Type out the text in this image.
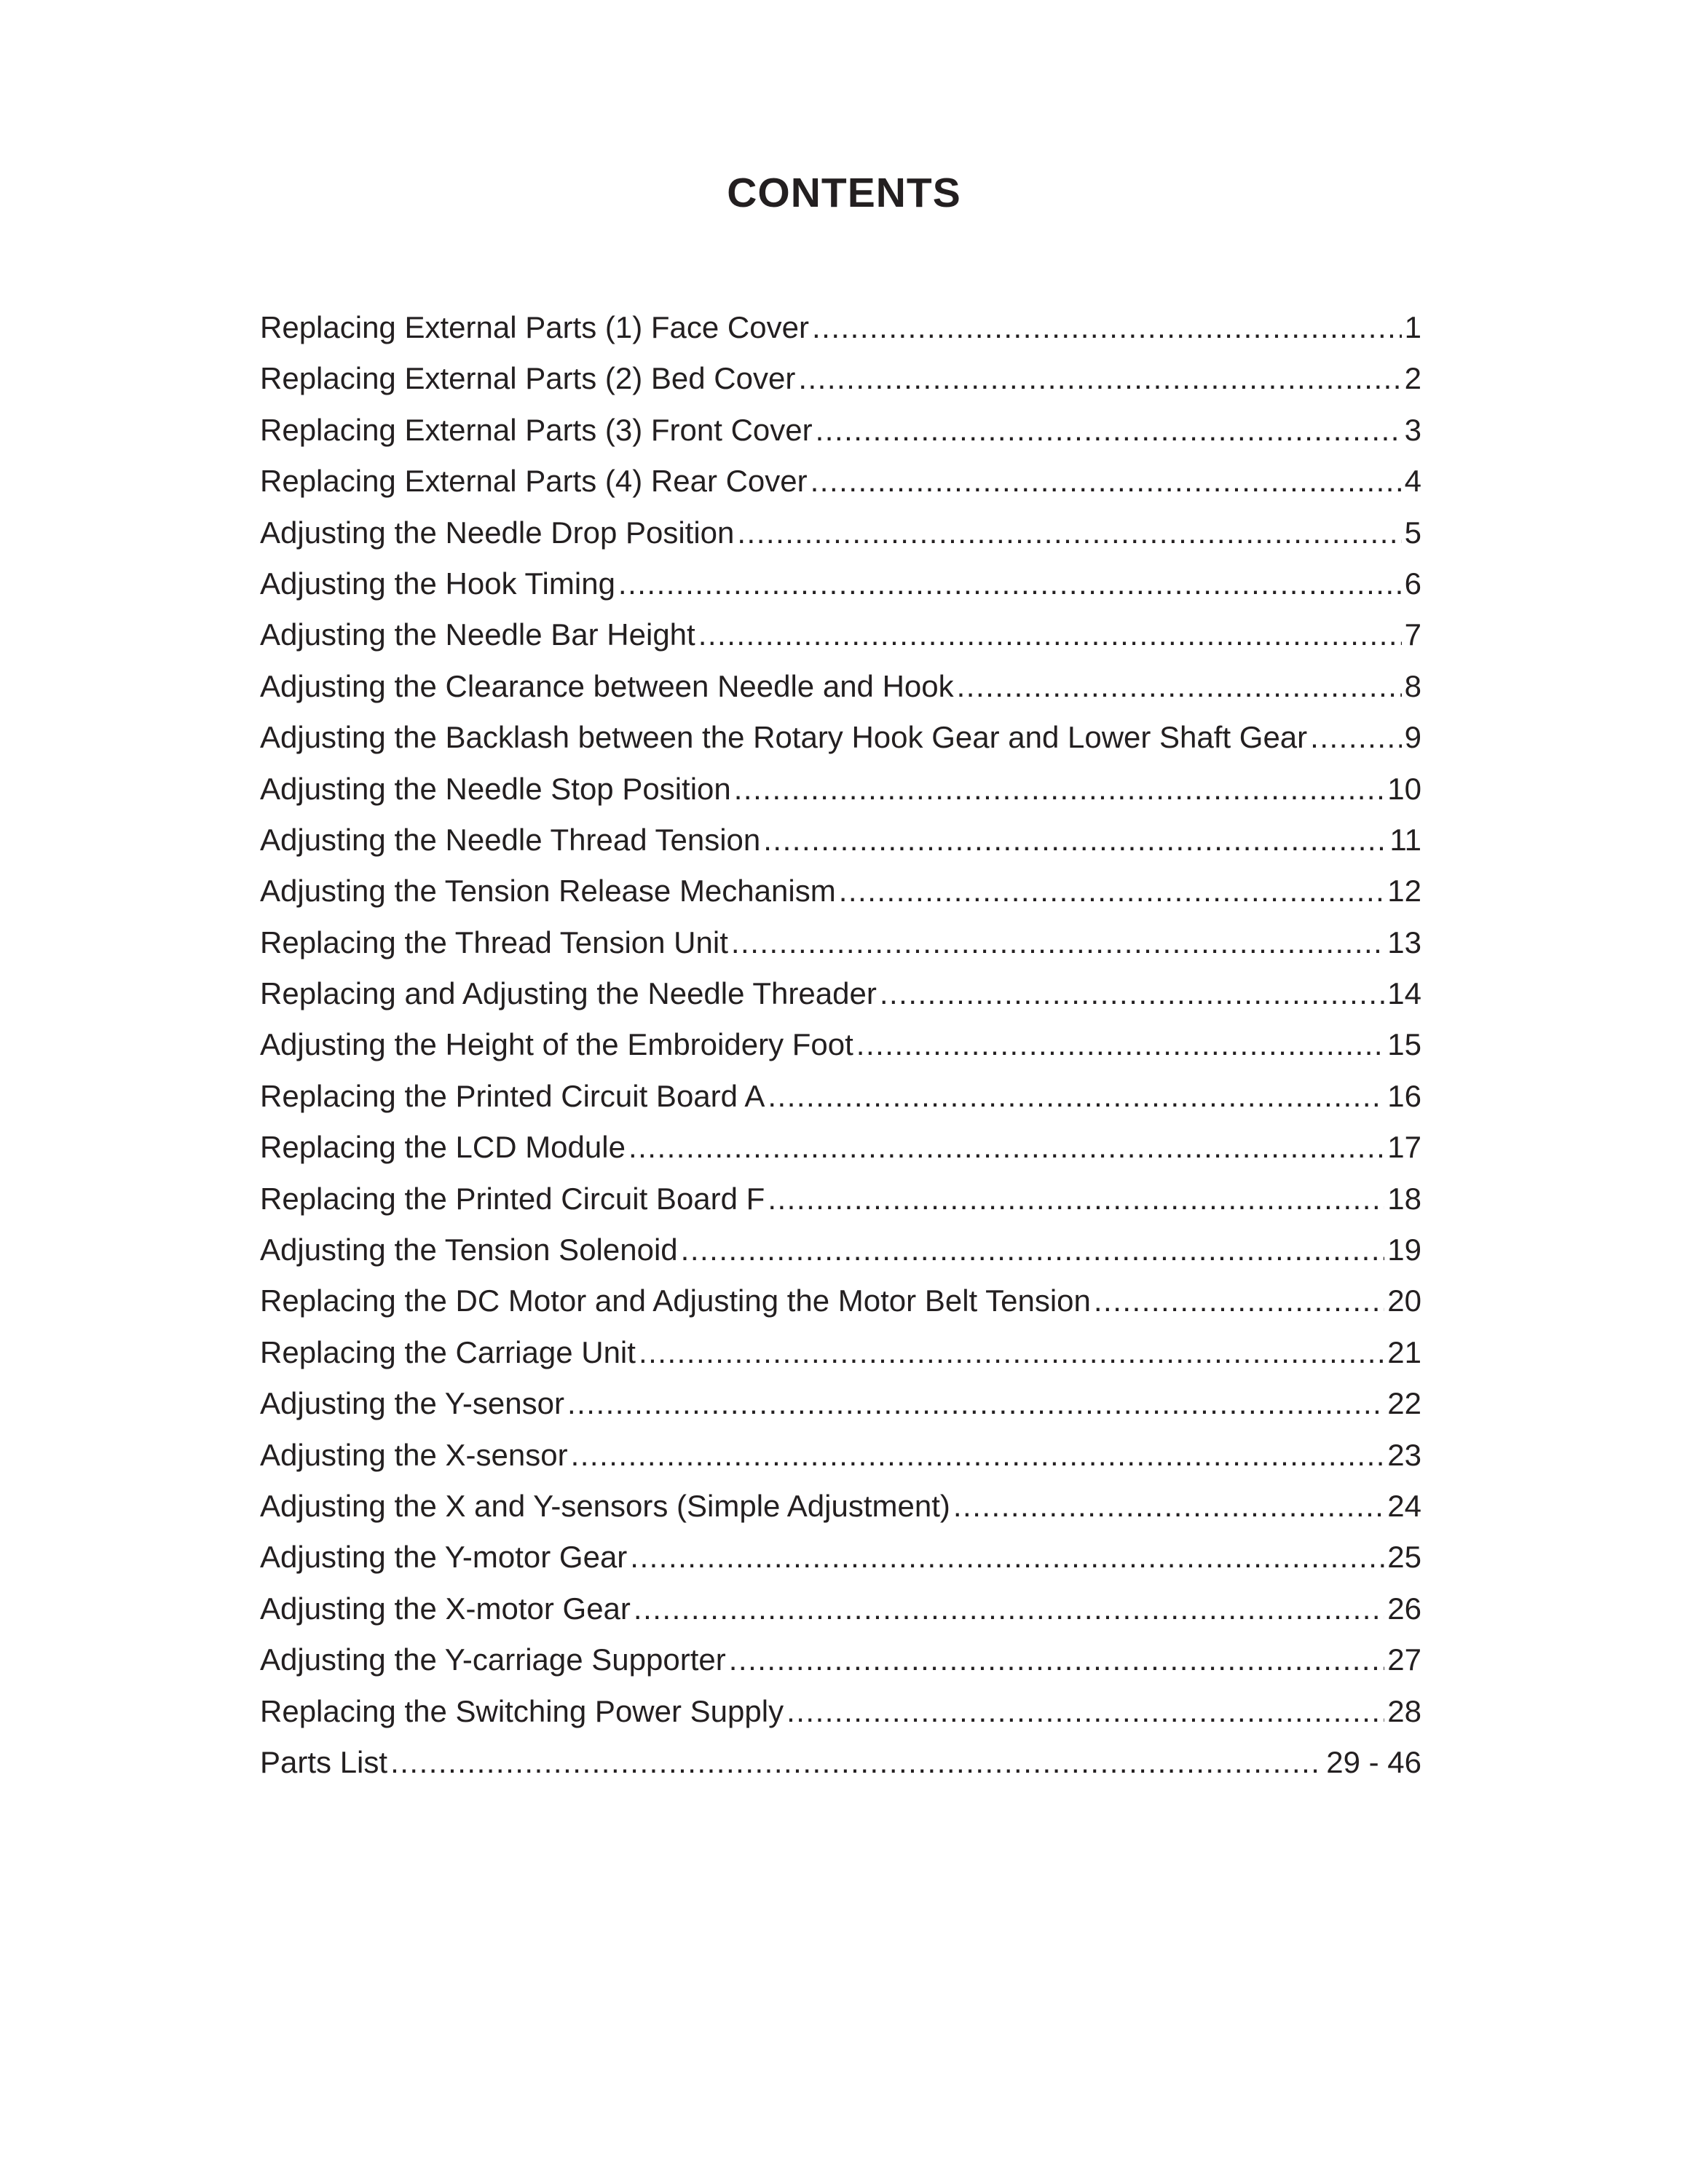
CONTENTS
Replacing External Parts (1) Face Cover .....	1
Replacing External Parts (2) Bed Cover .....	2
Replacing External Parts (3) Front Cover .....	3
Replacing External Parts (4) Rear Cover .....	4
Adjusting the Needle Drop Position .....	5
Adjusting the Hook Timing .....	6
Adjusting the Needle Bar Height .....	7
Adjusting the Clearance between Needle and Hook .....	8
Adjusting the Backlash between the Rotary Hook Gear and Lower Shaft Gear .....	9
Adjusting the Needle Stop Position .....	10
Adjusting the Needle Thread Tension .....	11
Adjusting the Tension Release Mechanism .....	12
Replacing the Thread Tension Unit .....	13
Replacing and Adjusting the Needle Threader .....	14
Adjusting the Height of the Embroidery Foot .....	15
Replacing the Printed Circuit Board A .....	16
Replacing the LCD Module .....	17
Replacing the Printed Circuit Board F .....	18
Adjusting the Tension Solenoid .....	19
Replacing the DC Motor and Adjusting the Motor Belt Tension .....	20
Replacing the Carriage Unit .....	21
Adjusting the Y-sensor .....	22
Adjusting the X-sensor .....	23
Adjusting the X and Y-sensors (Simple Adjustment) .....	24
Adjusting the Y-motor Gear .....	25
Adjusting the X-motor Gear .....	26
Adjusting the Y-carriage Supporter .....	27
Replacing the Switching Power Supply .....	28
Parts List .....	29 - 46
